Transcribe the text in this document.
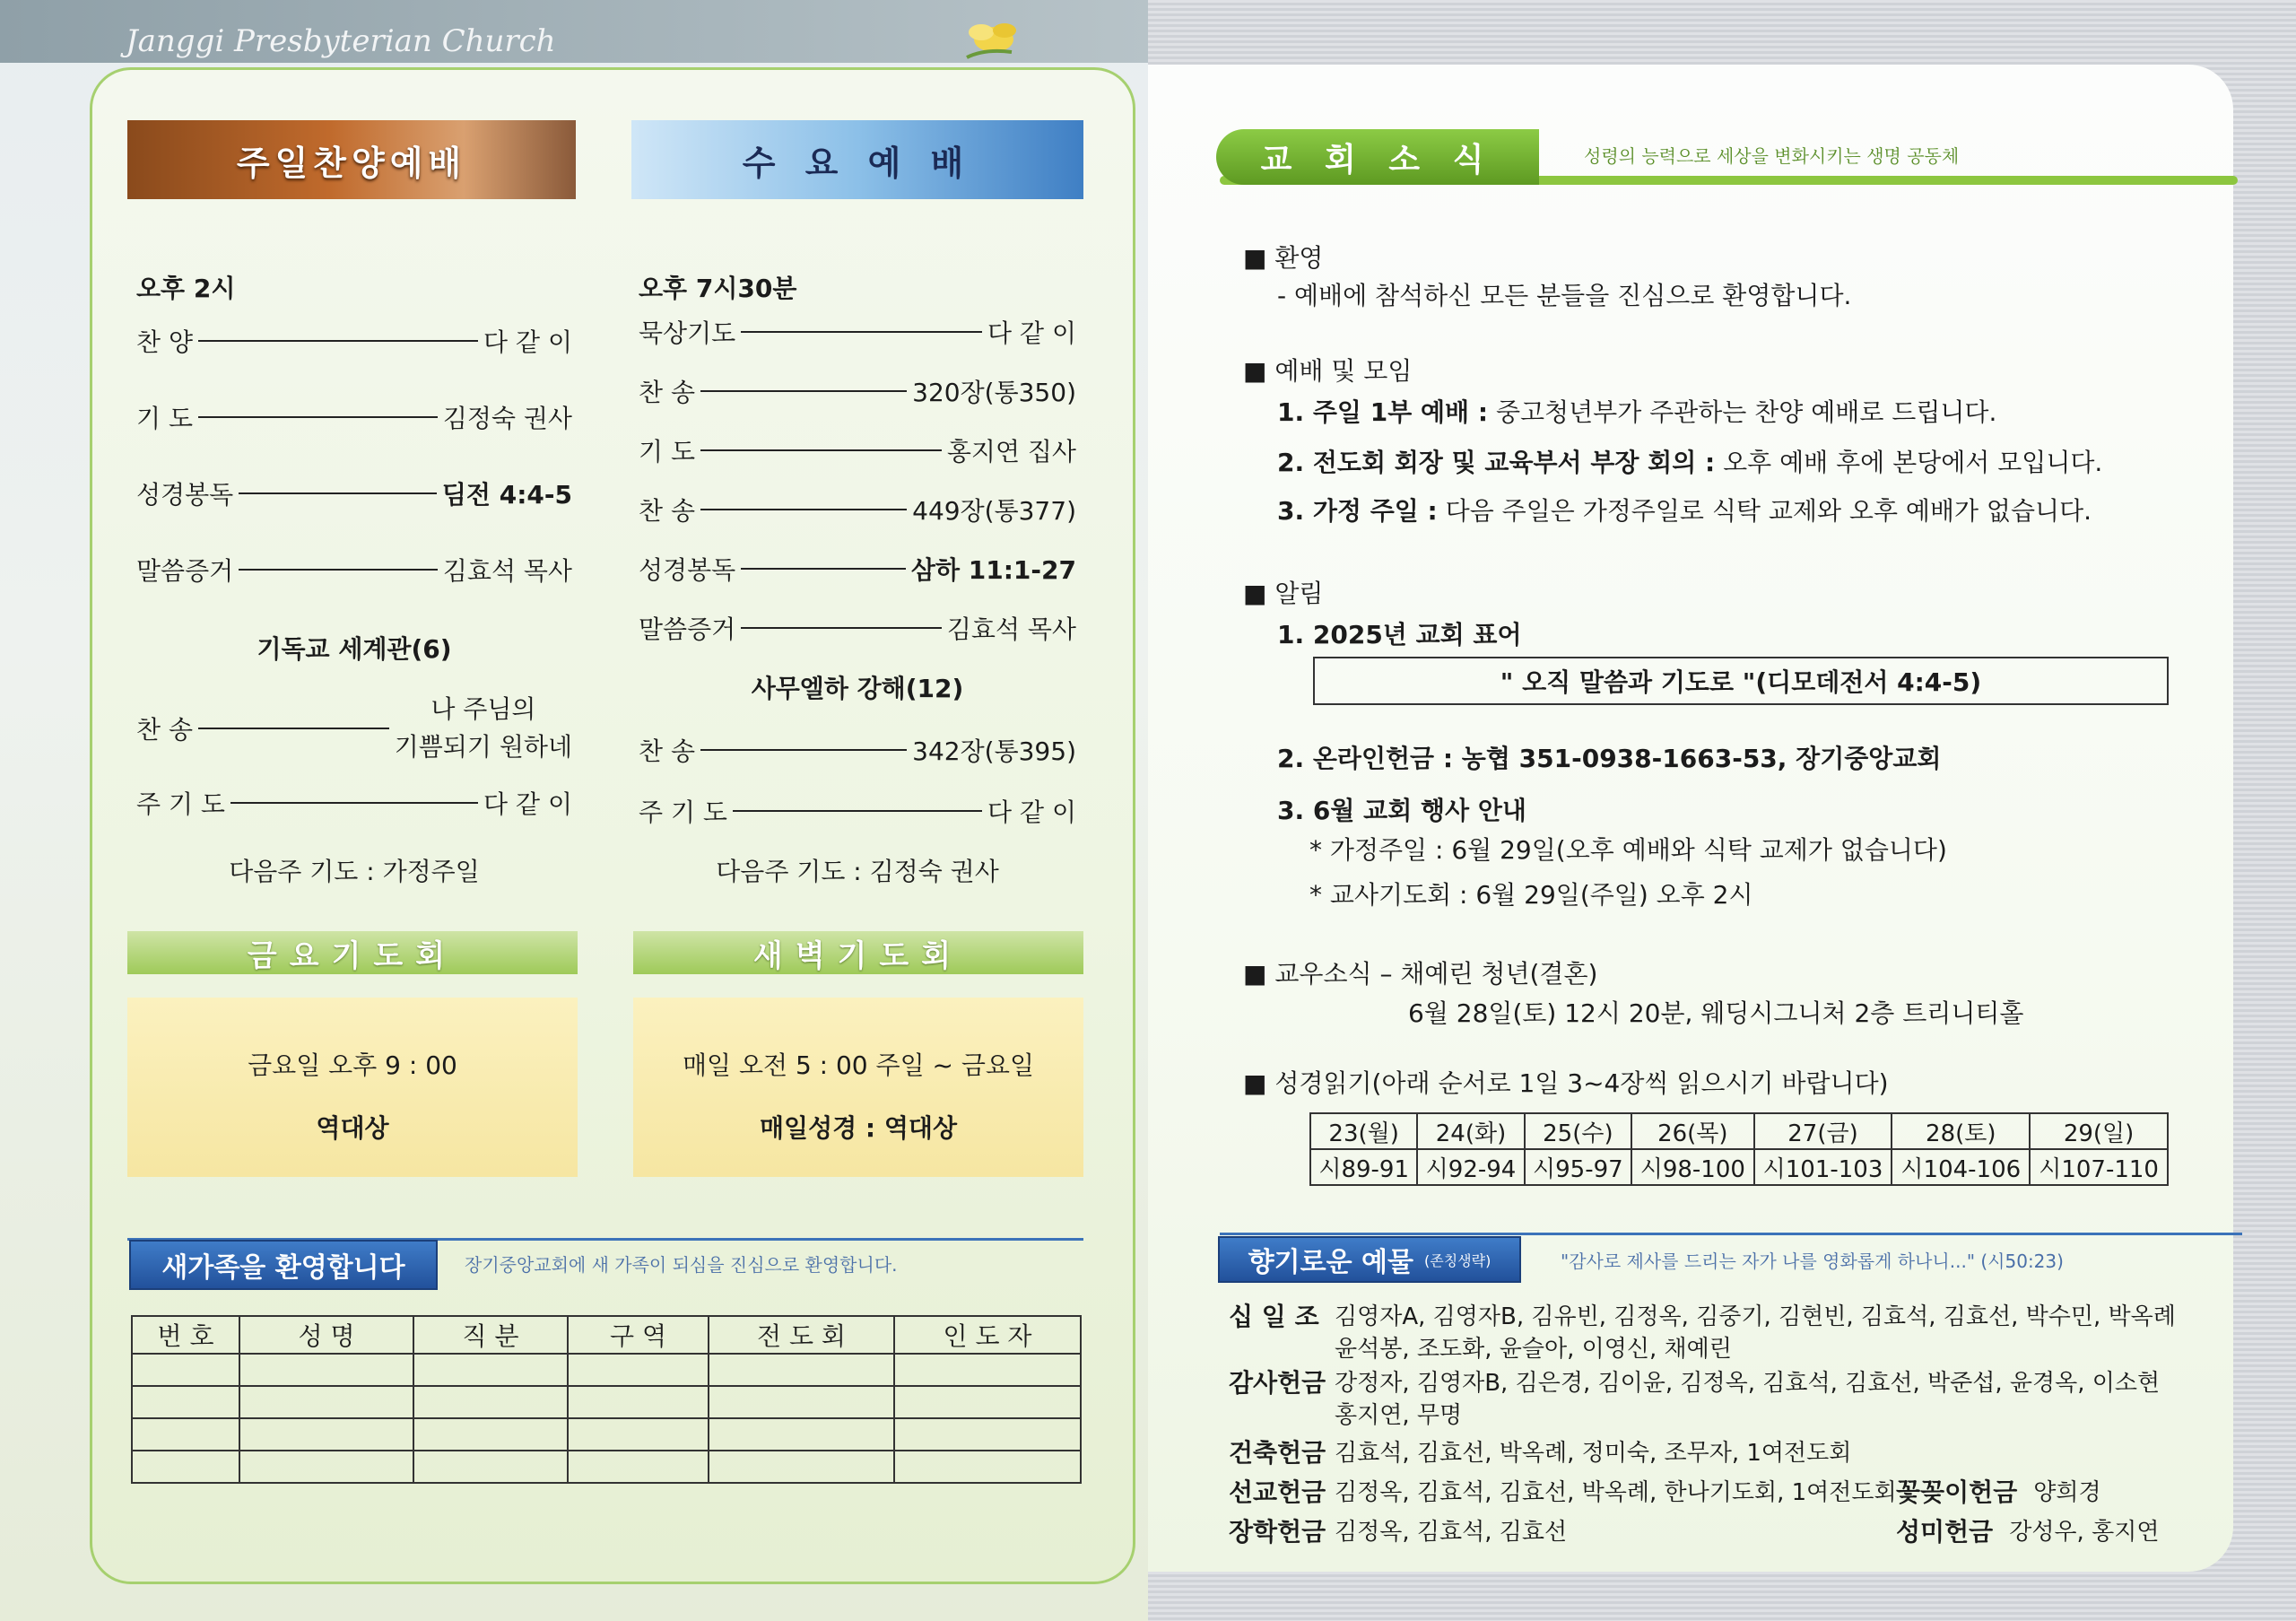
Janggi Presbyterian Church
주일찬양예배	수 요 예 배
오후 2시
찬 양	다 같 이
기 도	김정숙 권사
성경봉독	딤전 4:4-5
말씀증거	김효석 목사
기독교 세계관(6)
찬 송
나 주님의
기쁨되기 원하네
주 기 도	다 같 이
다음주 기도 : 가정주일
오후 7시30분
묵상기도	다 같 이
찬 송	320장(통350)
기 도	홍지연 집사
찬 송	449장(통377)
성경봉독	삼하 11:1-27
말씀증거	김효석 목사
사무엘하 강해(12)
찬 송	342장(통395)
주 기 도	다 같 이
다음주 기도 : 김정숙 권사
금요기도회
금요일 오후 9 : 00
역대상
새벽기도회
매일 오전 5 : 00 주일 ~ 금요일
매일성경 : 역대상
새가족을 환영합니다	장기중앙교회에 새 가족이 되심을 진심으로 환영합니다.
번 호	성 명	직 분	구 역	전 도 회	인 도 자

교 회 소 식	성령의 능력으로 세상을 변화시키는 생명 공동체
■ 환영
- 예배에 참석하신 모든 분들을 진심으로 환영합니다.
■ 예배 및 모임
1. 주일 1부 예배 : 중고청년부가 주관하는 찬양 예배로 드립니다.
2. 전도회 회장 및 교육부서 부장 회의 : 오후 예배 후에 본당에서 모입니다.
3. 가정 주일 : 다음 주일은 가정주일로 식탁 교제와 오후 예배가 없습니다.
■ 알림
1. 2025년 교회 표어
" 오직 말씀과 기도로 " (디모데전서 4:4-5)
2. 온라인헌금 : 농협 351-0938-1663-53, 장기중앙교회
3. 6월 교회 행사 안내
* 가정주일 : 6월 29일(오후 예배와 식탁 교제가 없습니다)
* 교사기도회 : 6월 29일(주일) 오후 2시
■ 교우소식 – 채예린 청년(결혼)
6월 28일(토) 12시 20분, 웨딩시그니처 2층 트리니티홀
■ 성경읽기(아래 순서로 1일 3~4장씩 읽으시기 바랍니다)
23(월)	24(화)	25(수)	26(목)	27(금)	28(토)	29(일)
시89-91	시92-94	시95-97	시98-100	시101-103	시104-106	시107-110
향기로운 예물 (존칭생략)	"감사로 제사를 드리는 자가 나를 영화롭게 하나니..." (시50:23)
십 일 조 김영자A, 김영자B, 김유빈, 김정옥, 김중기, 김현빈, 김효석, 김효선, 박수민, 박옥례
윤석봉, 조도화, 윤슬아, 이영신, 채예린
감사헌금 강정자, 김영자B, 김은경, 김이윤, 김정옥, 김효석, 김효선, 박준섭, 윤경옥, 이소현
홍지연, 무명
건축헌금 김효석, 김효선, 박옥례, 정미숙, 조무자, 1여전도회
선교헌금 김정옥, 김효석, 김효선, 박옥례, 한나기도회, 1여전도회
장학헌금 김정옥, 김효석, 김효선
꽃꽂이헌금 양희경
성미헌금 강성우, 홍지연
